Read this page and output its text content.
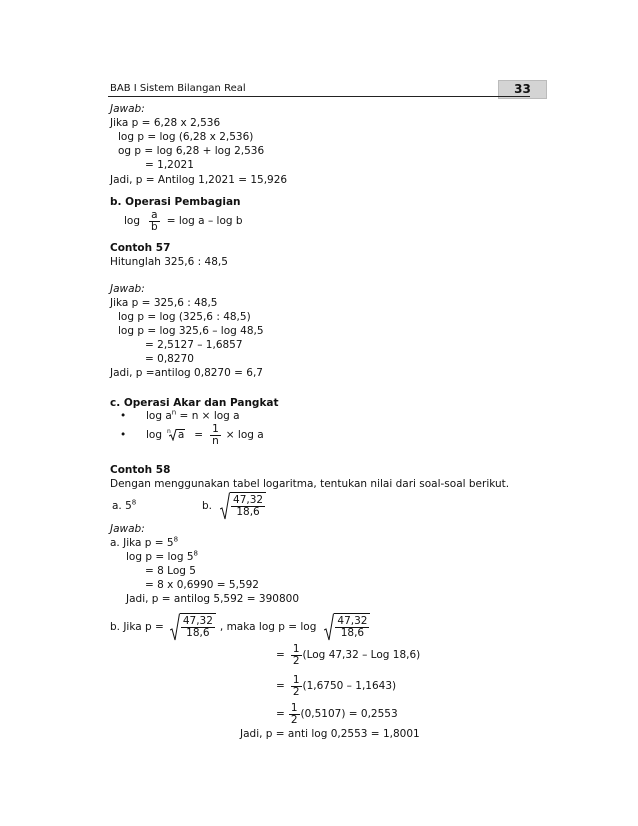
BAB I Sistem Bilangan Real	33
Jawab:
Jika p = 6,28 x 2,536
log p = log (6,28 x 2,536)
og p = log 6,28 + log 2,536
= 1,2021
Jadi, p = Antilog 1,2021 = 15,926
b. Operasi Pembagian
$\log \frac{a}{b} = \log a - \log b$
Contoh 57
Hitunglah 325,6 : 48,5
Jawab:
Jika p = 325,6 : 48,5
log p = log (325,6 : 48,5)
log p = log 325,6 – log 48,5
= 2,5127 – 1,6857
= 0,8270
Jadi, p =antilog 0,8270 = 6,7
c. Operasi Akar dan Pangkat
• $\log a^n = n \times \log a$
•	log n $a = \frac{1}{n} \times \log a$
Contoh 58
Dengan menggunakan tabel logaritma, tentukan nilai dari soal-soal berikut.
a. $5^8$	b. $\frac{47,32}{18,6}$
Jawab:
a. Jika $p = 5^8$
$\log p = \log 5^8$
= 8 Log 5
= 8 x 0,6990 = 5,592
Jadi, p = antilog 5,592 = 390800
b. Jika $p = \frac{47,32}{18,6}$ , maka $\log p = \log \frac{47,32}{18,6}$
= $\frac{1}{2} (Log$ 47,32 – Log 18,6)
= $\frac{1}{2} (1,6750 - 1,1643)$
= $\frac{1}{2} (0,5107) = 0,2553$
Jadi, p = anti log 0,2553 = 1,8001
